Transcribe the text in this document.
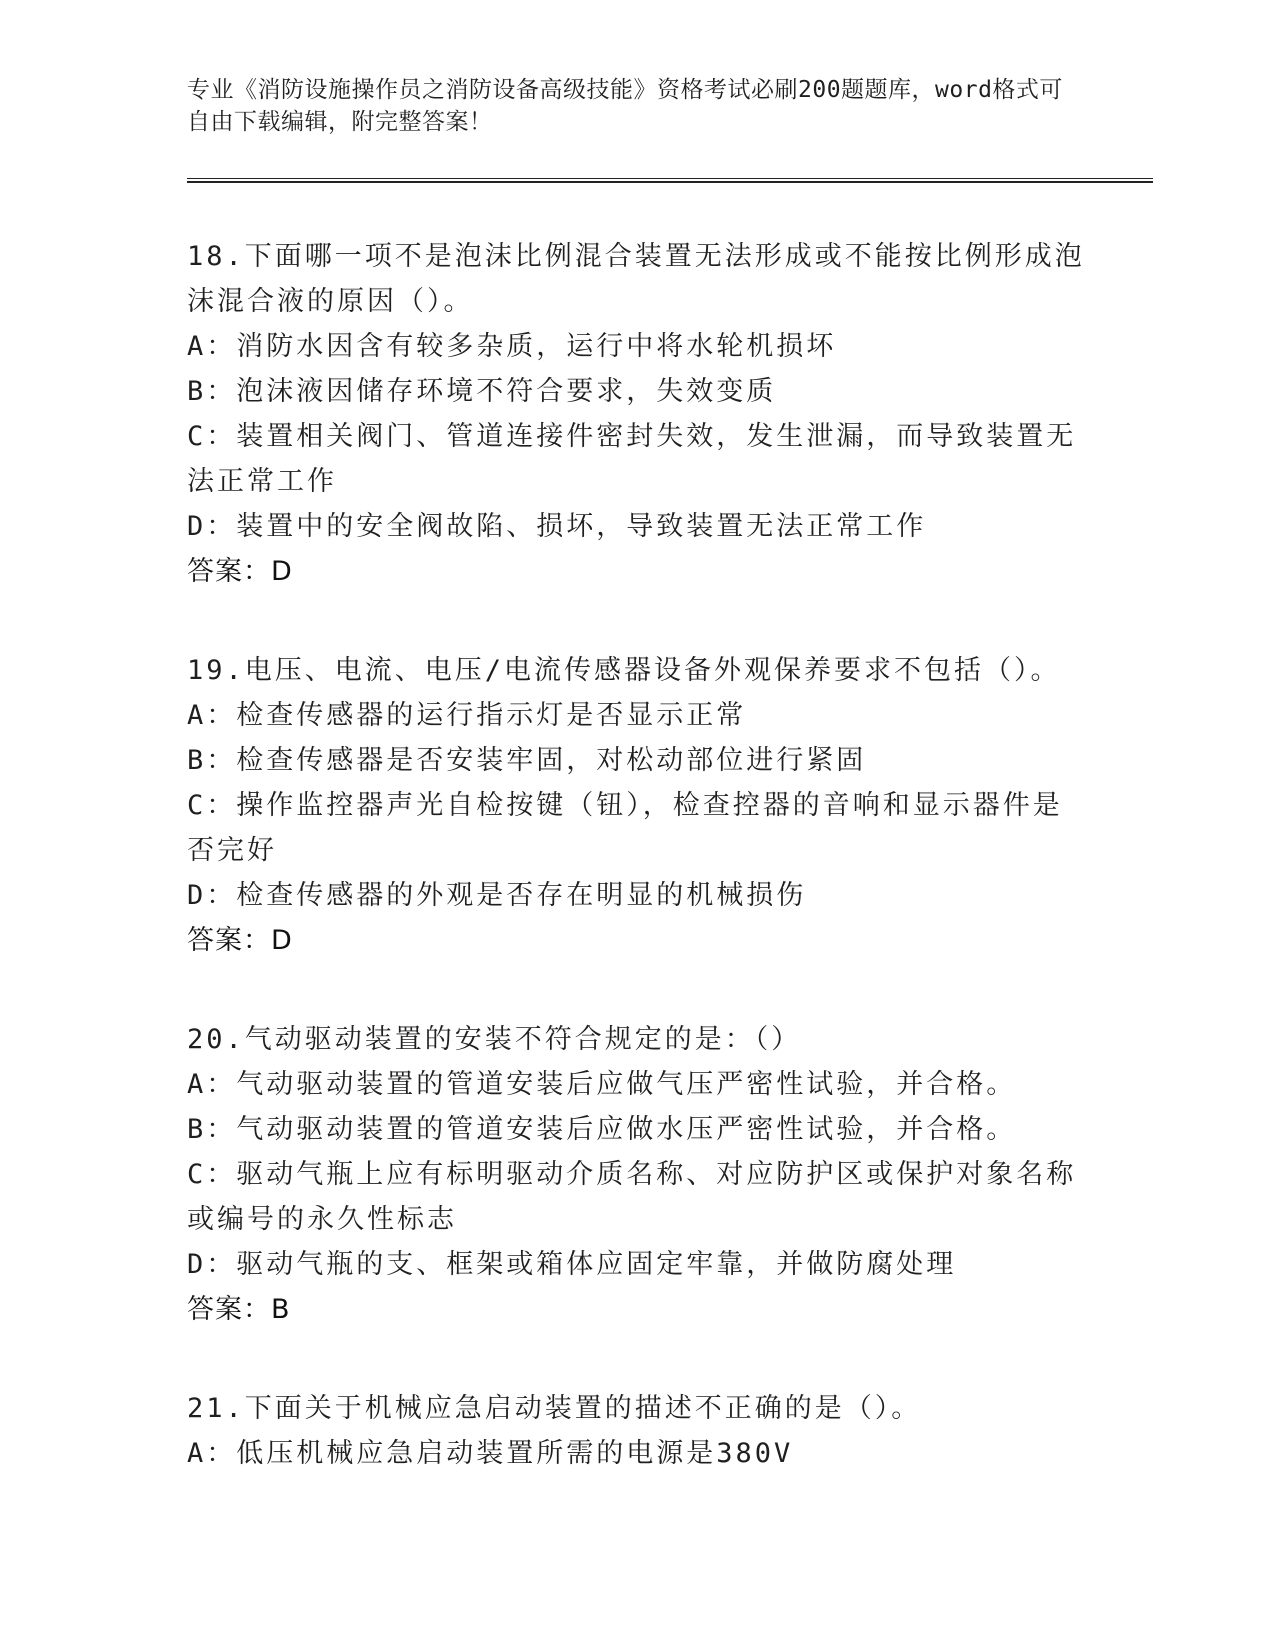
专业《消防设施操作员之消防设备高级技能》资格考试必刷200题题库，word格式可自由下载编辑，附完整答案！
18.下面哪一项不是泡沫比例混合装置无法形成或不能按比例形成泡沫混合液的原因（）。
A：消防水因含有较多杂质，运行中将水轮机损坏
B：泡沫液因储存环境不符合要求，失效变质
C：装置相关阀门、管道连接件密封失效，发生泄漏，而导致装置无法正常工作
D：装置中的安全阀故陷、损坏，导致装置无法正常工作
答案：D
19.电压、电流、电压/电流传感器设备外观保养要求不包括（）。
A：检查传感器的运行指示灯是否显示正常
B：检查传感器是否安装牢固，对松动部位进行紧固
C：操作监控器声光自检按键（钮），检查控器的音响和显示器件是否完好
D：检查传感器的外观是否存在明显的机械损伤
答案：D
20.气动驱动装置的安装不符合规定的是：（）
A：气动驱动装置的管道安装后应做气压严密性试验，并合格。
B：气动驱动装置的管道安装后应做水压严密性试验，并合格。
C：驱动气瓶上应有标明驱动介质名称、对应防护区或保护对象名称或编号的永久性标志
D：驱动气瓶的支、框架或箱体应固定牢靠，并做防腐处理
答案：B
21.下面关于机械应急启动装置的描述不正确的是（）。
A：低压机械应急启动装置所需的电源是380V
